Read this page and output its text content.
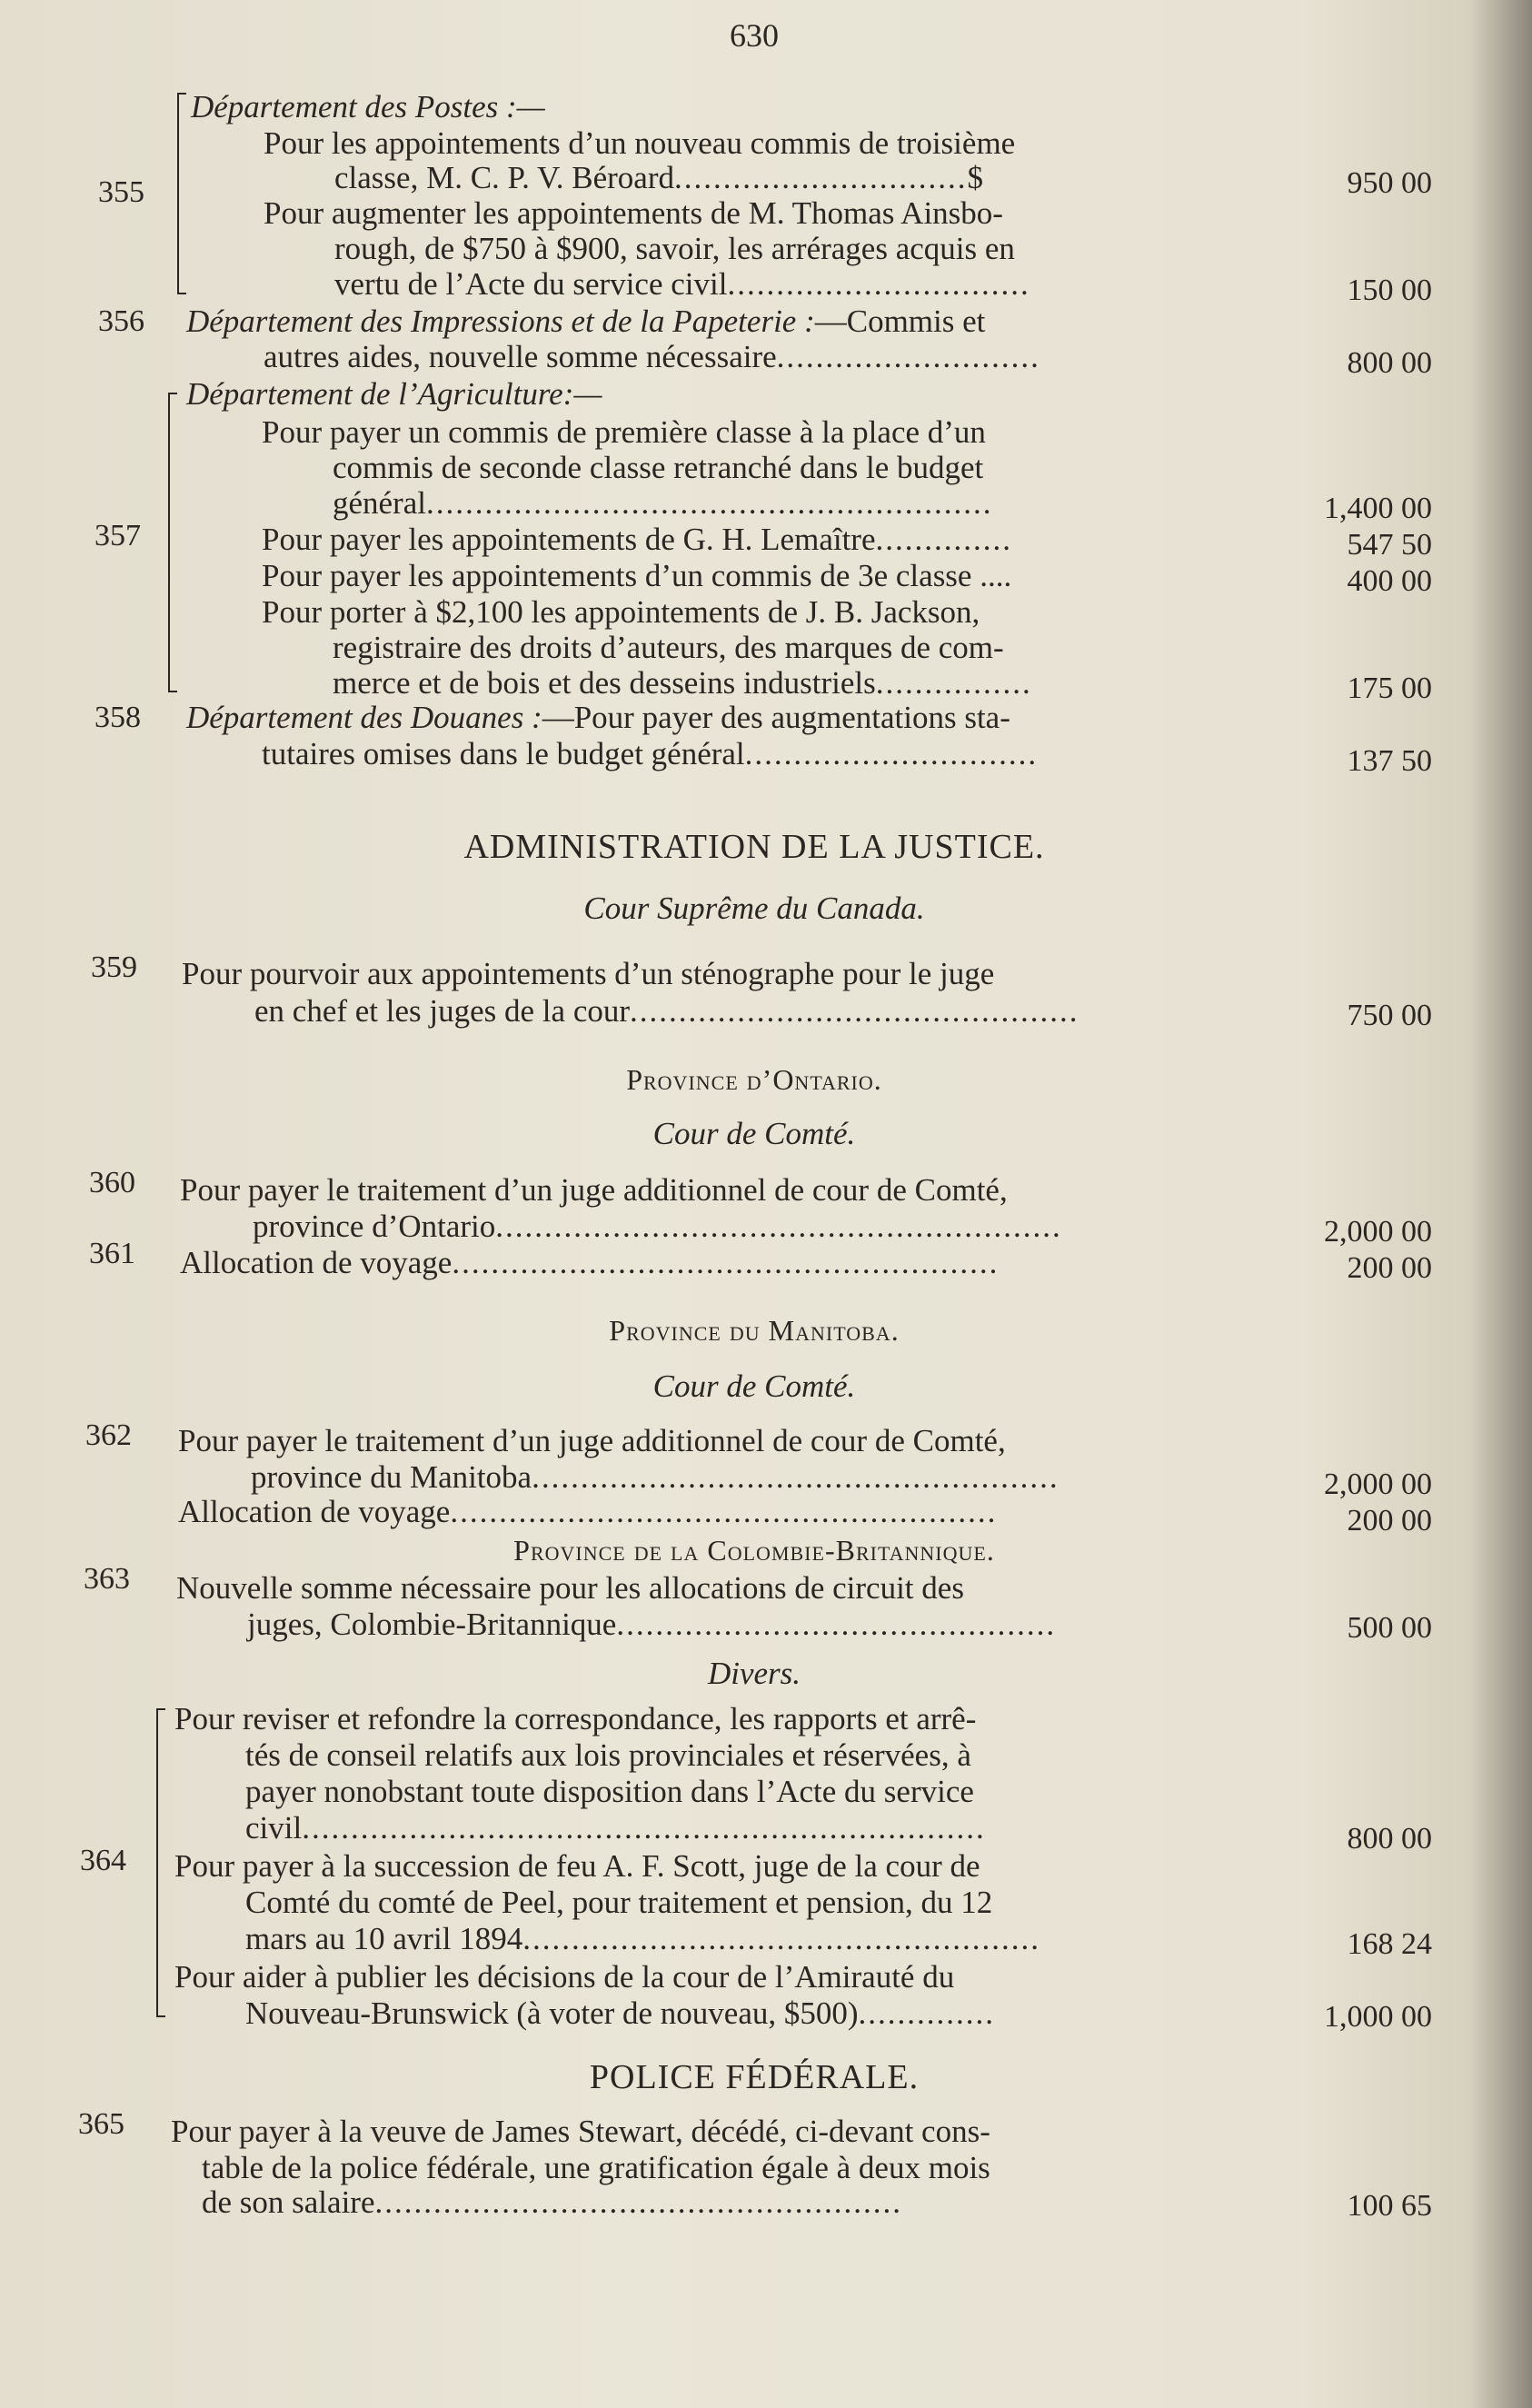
630
355
Département des Postes :—
Pour les appointements d’un nouveau commis de troisième
classe, M. C. P. V. Béroard..............................$	950 00
Pour augmenter les appointements de M. Thomas Ainsbo-
rough, de $750 à $900, savoir, les arrérages acquis en
vertu de l’Acte du service civil...............................	150 00
356 Département des Impressions et de la Papeterie :—Commis et
autres aides, nouvelle somme nécessaire...........................	800 00
357
Département de l’Agriculture:—
Pour payer un commis de première classe à la place d’un
commis de seconde classe retranché dans le budget
général..........................................................	1,400 00
Pour payer les appointements de G. H. Lemaître..............	547 50
Pour payer les appointements d’un commis de 3e classe ....	400 00
Pour porter à $2,100 les appointements de J. B. Jackson,
registraire des droits d’auteurs, des marques de com-
merce et de bois et des desseins industriels................	175 00
358 Département des Douanes :—Pour payer des augmentations sta-
tutaires omises dans le budget général..............................	137 50
ADMINISTRATION DE LA JUSTICE.
Cour Suprême du Canada.
359 Pour pourvoir aux appointements d’un sténographe pour le juge
en chef et les juges de la cour..............................................	750 00
Province d’Ontario.
Cour de Comté.
360 Pour payer le traitement d’un juge additionnel de cour de Comté,
province d’Ontario..........................................................	2,000 00
361 Allocation de voyage........................................................	200 00
Province du Manitoba.
Cour de Comté.
362 Pour payer le traitement d’un juge additionnel de cour de Comté,
province du Manitoba......................................................	2,000 00
Allocation de voyage........................................................	200 00
Province de la Colombie-Britannique.
363 Nouvelle somme nécessaire pour les allocations de circuit des
juges, Colombie-Britannique.............................................	500 00
Divers.
364
Pour reviser et refondre la correspondance, les rapports et arrê-
tés de conseil relatifs aux lois provinciales et réservées, à
payer nonobstant toute disposition dans l’Acte du service
civil......................................................................	800 00
Pour payer à la succession de feu A. F. Scott, juge de la cour de
Comté du comté de Peel, pour traitement et pension, du 12
mars au 10 avril 1894.....................................................	168 24
Pour aider à publier les décisions de la cour de l’Amirauté du
Nouveau-Brunswick (à voter de nouveau, $500)..............	1,000 00
POLICE FÉDÉRALE.
365 Pour payer à la veuve de James Stewart, décédé, ci-devant cons-
table de la police fédérale, une gratification égale à deux mois
de son salaire......................................................	100 65
